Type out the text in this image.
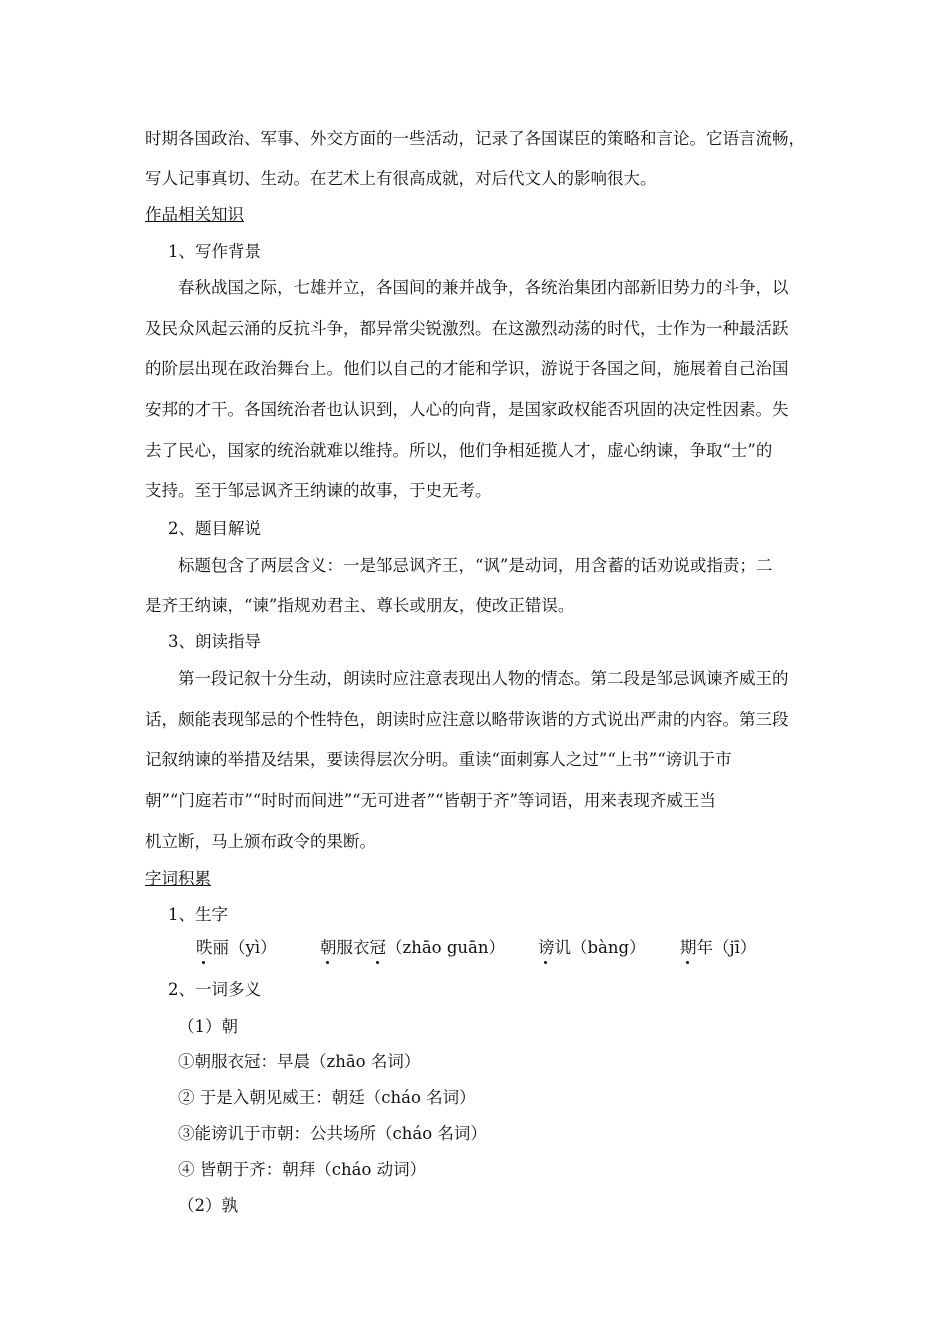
时期各国政治、军事、外交方面的一些活动，记录了各国谋臣的策略和言论。它语言流畅，
写人记事真切、生动。在艺术上有很高成就，对后代文人的影响很大。
作品相关知识
1、写作背景
春秋战国之际，七雄并立，各国间的兼并战争，各统治集团内部新旧势力的斗争，以
及民众风起云涌的反抗斗争，都异常尖锐激烈。在这激烈动荡的时代，士作为一种最活跃
的阶层出现在政治舞台上。他们以自己的才能和学识，游说于各国之间，施展着自己治国
安邦的才干。各国统治者也认识到，人心的向背，是国家政权能否巩固的决定性因素。失
去了民心，国家的统治就难以维持。所以，他们争相延揽人才，虚心纳谏，争取“士”的
支持。至于邹忌讽齐王纳谏的故事，于史无考。
2、题目解说
标题包含了两层含义：一是邹忌讽齐王，“讽”是动词，用含蓄的话劝说或指责；二
是齐王纳谏，“谏”指规劝君主、尊长或朋友，使改正错误。
3、朗读指导
第一段记叙十分生动，朗读时应注意表现出人物的情态。第二段是邹忌讽谏齐威王的
话，颇能表现邹忌的个性特色，朗读时应注意以略带诙谐的方式说出严肃的内容。第三段
记叙纳谏的举措及结果，要读得层次分明。重读“面刺寡人之过”“上书”“谤讥于市
朝”“门庭若市”“时时而间进”“无可进者”“皆朝于齐”等词语，用来表现齐威王当
机立断，马上颁布政令的果断。
字词积累
1、生字
昳丽（yì）	朝服衣冠（zhāo guān） 谤讥（bàng） 期年（jī）
2、一词多义
（1）朝
①朝服衣冠：早晨（zhāo 名词）
② 于是入朝见威王：朝廷（cháo 名词）
③能谤讥于市朝：公共场所（cháo 名词）
④ 皆朝于齐：朝拜（cháo 动词）
（2）孰
